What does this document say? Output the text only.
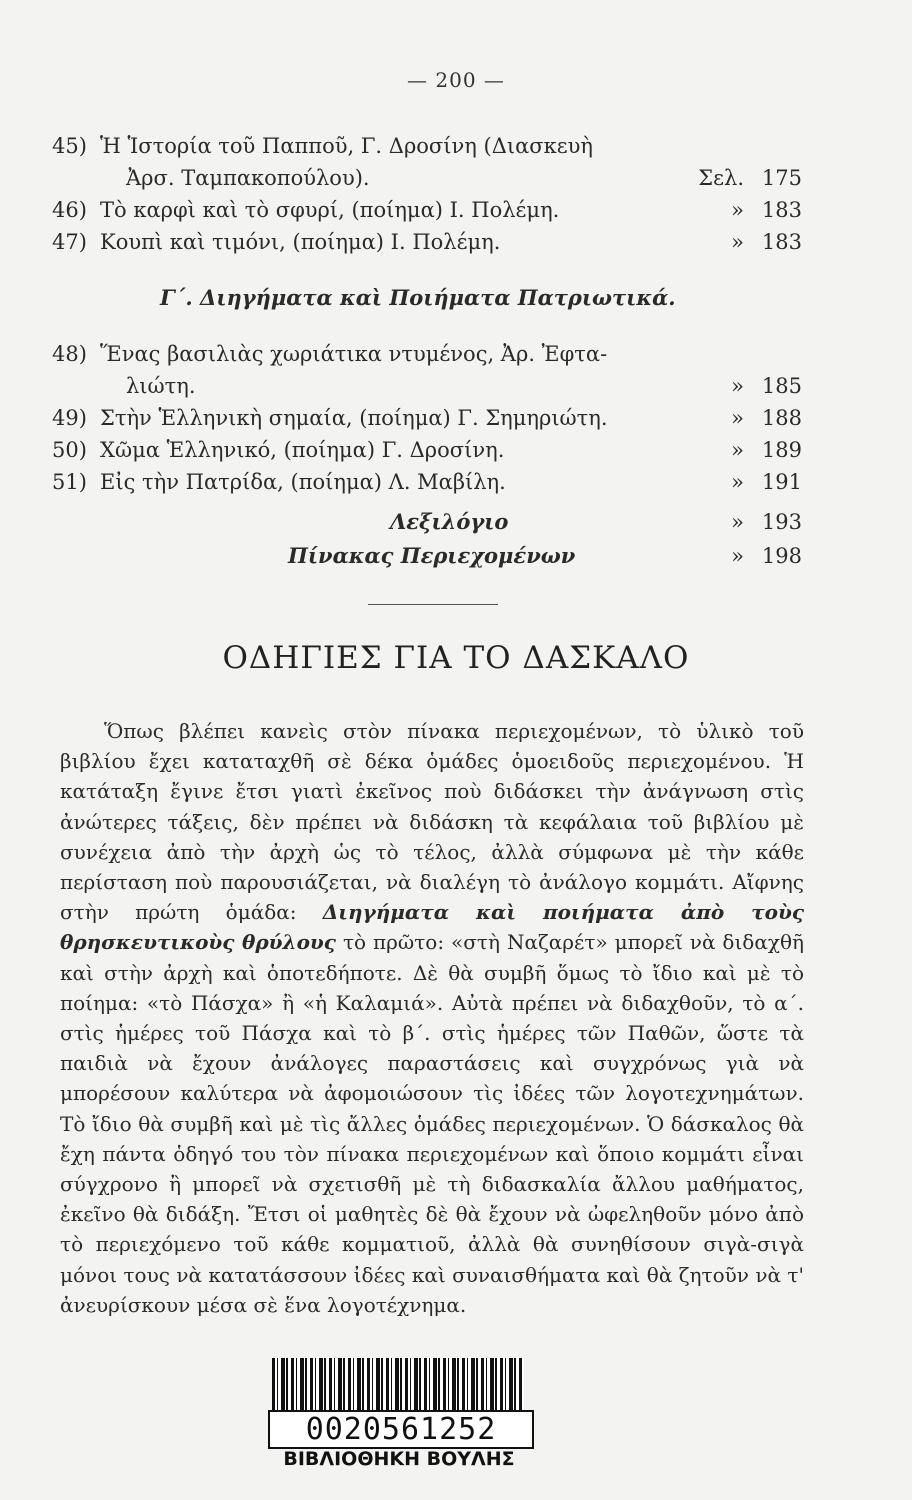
— 200 —
45) Ἡ Ἱστορία τοῦ Παπποῦ, Γ. Δροσίνη (Διασκευὴ
Ἀρσ. Ταμπακοπούλου).	Σελ. 175
46) Τὸ καρφὶ καὶ τὸ σφυρί, (ποίημα) Ι. Πολέμη.	» 183
47) Κουπὶ καὶ τιμόνι, (ποίημα) Ι. Πολέμη.	» 183
Γ΄. Διηγήματα καὶ Ποιήματα Πατριωτικά.
48) Ἕνας βασιλιὰς χωριάτικα ντυμένος, Ἀρ. Ἐφτα-
λιώτη.	» 185
49) Στὴν Ἑλληνικὴ σημαία, (ποίημα) Γ. Σημηριώτη.	» 188
50) Χῶμα Ἑλληνικό, (ποίημα) Γ. Δροσίνη.	» 189
51) Εἰς τὴν Πατρίδα, (ποίημα) Λ. Μαβίλη.	» 191
Λεξιλόγιο	» 193
Πίνακας Περιεχομένων	» 198
ΟΔΗΓΙΕΣ ΓΙΑ ΤΟ ΔΑΣΚΑΛΟ
Ὅπως βλέπει κανεὶς στὸν πίνακα περιεχομένων, τὸ ὑλικὸ τοῦ βιβλίου ἔχει καταταχθῆ σὲ δέκα ὁμάδες ὁμοειδοῦς περιεχομένου. Ἡ κατάταξη ἔγινε ἔτσι γιατὶ ἐκεῖνος ποὺ διδάσκει τὴν ἀνάγνωση στὶς ἀνώτερες τάξεις, δὲν πρέπει νὰ διδάσκη τὰ κεφάλαια τοῦ βιβλίου μὲ συνέχεια ἀπὸ τὴν ἀρχὴ ὡς τὸ τέλος, ἀλλὰ σύμφωνα μὲ τὴν κάθε περίσταση ποὺ παρουσιάζεται, νὰ διαλέγη τὸ ἀνάλογο κομμάτι. Αἴφνης στὴν πρώτη ὁμάδα: Διηγήματα καὶ ποιήματα ἀπὸ τοὺς θρησκευτικοὺς θρύλους τὸ πρῶτο: «στὴ Ναζαρέτ» μπορεῖ νὰ διδαχθῆ καὶ στὴν ἀρχὴ καὶ ὁποτεδήποτε. Δὲ θὰ συμβῆ ὅμως τὸ ἴδιο καὶ μὲ τὸ ποίημα: «τὸ Πάσχα» ἢ «ἡ Καλαμιά». Αὐτὰ πρέπει νὰ διδαχθοῦν, τὸ α΄. στὶς ἡμέρες τοῦ Πάσχα καὶ τὸ β΄. στὶς ἡμέρες τῶν Παθῶν, ὥστε τὰ παιδιὰ νὰ ἔχουν ἀνάλογες παραστάσεις καὶ συγχρόνως γιὰ νὰ μπορέσουν καλύτερα νὰ ἀφομοιώσουν τὶς ἰδέες τῶν λογοτεχνημάτων. Τὸ ἴδιο θὰ συμβῆ καὶ μὲ τὶς ἄλλες ὁμάδες περιεχομένων. Ὁ δάσκαλος θὰ ἔχη πάντα ὁδηγό του τὸν πίνακα περιεχομένων καὶ ὅποιο κομμάτι εἶναι σύγχρονο ἢ μπορεῖ νὰ σχετισθῆ μὲ τὴ διδασκαλία ἄλλου μαθήματος, ἐκεῖνο θὰ διδάξη. Ἔτσι οἱ μαθητὲς δὲ θὰ ἔχουν νὰ ὠφεληθοῦν μόνο ἀπὸ τὸ περιεχόμενο τοῦ κάθε κομματιοῦ, ἀλλὰ θὰ συνηθίσουν σιγὰ-σιγὰ μόνοι τους νὰ κατατάσσουν ἰδέες καὶ συναισθήματα καὶ θὰ ζητοῦν νὰ τ' ἀνευρίσκουν μέσα σὲ ἕνα λογοτέχνημα.
0020561252
ΒΙΒΛΙΟΘΗΚΗ ΒΟΥΛΗΣ
